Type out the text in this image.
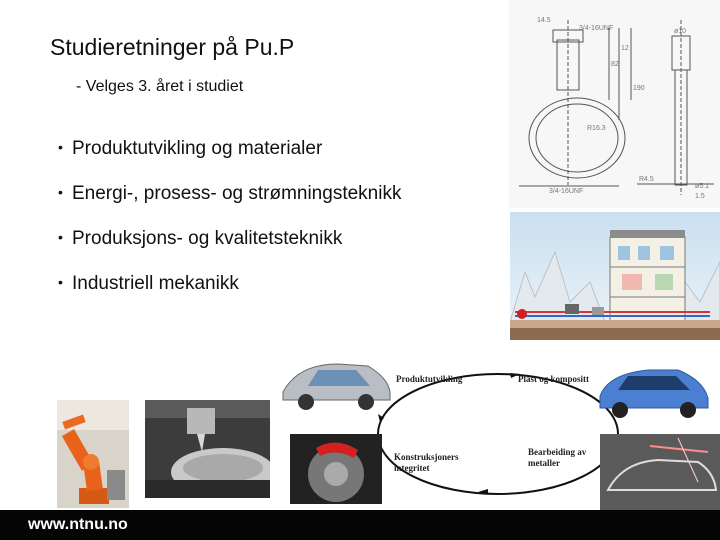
Studieretninger på Pu.P
- Velges 3. året i studiet
• Produktutvikling og materialer
• Energi-, prosess- og strømningsteknikk
• Produksjons- og kvalitetsteknikk
• Industriell mekanikk
3/4-16UNF	ø10
14.5
R16.3
82
190
12
3/4-16UNF
R4.5
ø5.1
1.5
Produktutvikling	Plast og kompositt
Konstruksjoners
integritet
Bearbeiding av
metaller
www.ntnu.no
